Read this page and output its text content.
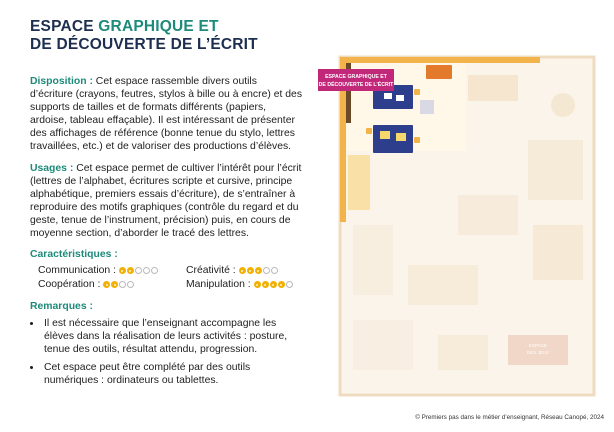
ESPACE GRAPHIQUE ET
DE DÉCOUVERTE DE L’ÉCRIT

Disposition : Cet espace rassemble divers outils d’écriture (crayons, feutres, stylos à bille ou à encre) et des supports de tailles et de formats différents (papiers, ardoise, tableau effaçable). Il est intéressant de présenter des affichages de référence (bonne tenue du stylo, lettres travaillées, etc.) et de valoriser des productions d’élèves.

Usages : Cet espace permet de cultiver l’intérêt pour l’écrit (lettres de l’alphabet, écritures scripte et cursive, principe alphabétique, premiers essais d’écriture), de s’entraîner à reproduire des motifs graphiques (contrôle du regard et du geste, tenue de l’instrument, précision) puis, en cours de moyenne section, d’aborder le tracé des lettres.

Caractéristiques :
Communication :	Créativité :
Coopération :	Manipulation :
Remarques :
• Il est nécessaire que l’enseignant accompagne les élèves dans la réalisation de leurs activités : posture, tenue des outils, résultat attendu, progression.
• Cet espace peut être complété par des outils numériques : ordinateurs ou tablettes.
ESPACE
DES JEUX
ESPACE GRAPHIQUE ET
DE DÉCOUVERTE DE L’ÉCRIT

© Premiers pas dans le métier d’enseignant, Réseau Canopé, 2024
